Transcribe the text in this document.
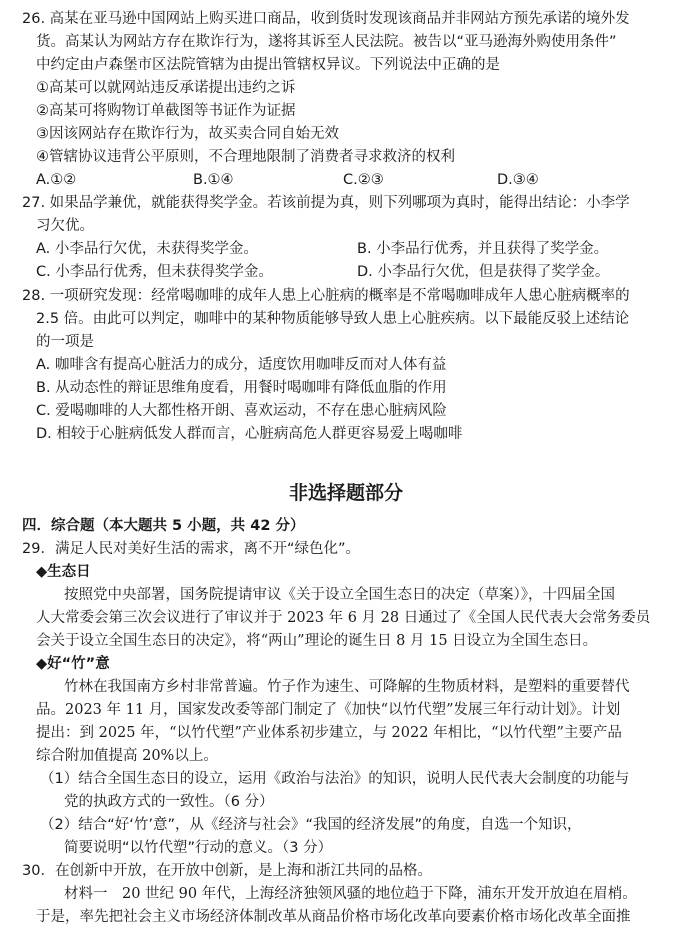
26. 高某在亚马逊中国网站上购买进口商品，收到货时发现该商品并非网站方预先承诺的境外发
货。高某认为网站方存在欺诈行为，遂将其诉至人民法院。被告以“亚马逊海外购使用条件”
中约定由卢森堡市区法院管辖为由提出管辖权异议。下列说法中正确的是
①高某可以就网站违反承诺提出违约之诉
②高某可将购物订单截图等书证作为证据
③因该网站存在欺诈行为，故买卖合同自始无效
④管辖协议违背公平原则，不合理地限制了消费者寻求救济的权利
A.①②	B.①④	C.②③	D.③④
27. 如果品学兼优，就能获得奖学金。若该前提为真，则下列哪项为真时，能得出结论：小李学
习欠优。
A. 小李品行欠优，未获得奖学金。	B. 小李品行优秀，并且获得了奖学金。
C. 小李品行优秀，但未获得奖学金。	D. 小李品行欠优，但是获得了奖学金。
28. 一项研究发现：经常喝咖啡的成年人患上心脏病的概率是不常喝咖啡成年人患心脏病概率的
2.5 倍。由此可以判定，咖啡中的某种物质能够导致人患上心脏疾病。以下最能反驳上述结论
的一项是
A. 咖啡含有提高心脏活力的成分，适度饮用咖啡反而对人体有益
B. 从动态性的辩证思维角度看，用餐时喝咖啡有降低血脂的作用
C. 爱喝咖啡的人大都性格开朗、喜欢运动，不存在患心脏病风险
D. 相较于心脏病低发人群而言，心脏病高危人群更容易爱上喝咖啡
非选择题部分
四．综合题（本大题共 5 小题，共 42 分）
29．满足人民对美好生活的需求，离不开“绿色化”。
◆生态日
按照党中央部署，国务院提请审议《关于设立全国生态日的决定（草案）》，十四届全国
人大常委会第三次会议进行了审议并于 2023 年 6 月 28 日通过了《全国人民代表大会常务委员
会关于设立全国生态日的决定》，将“两山”理论的诞生日 8 月 15 日设立为全国生态日。
◆好“竹”意
竹林在我国南方乡村非常普遍。竹子作为速生、可降解的生物质材料，是塑料的重要替代
品。2023 年 11 月，国家发改委等部门制定了《加快“以竹代塑”发展三年行动计划》。计划
提出：到 2025 年，“以竹代塑”产业体系初步建立，与 2022 年相比，“以竹代塑”主要产品
综合附加值提高 20%以上。
（1）结合全国生态日的设立，运用《政治与法治》的知识，说明人民代表大会制度的功能与
党的执政方式的一致性。（6 分）
（2）结合“好‘竹’意”，从《经济与社会》“我国的经济发展”的角度，自选一个知识，
简要说明“以竹代塑”行动的意义。（3 分）
30．在创新中开放，在开放中创新，是上海和浙江共同的品格。
材料一　20 世纪 90 年代，上海经济独领风骚的地位趋于下降，浦东开发开放迫在眉梢。
于是，率先把社会主义市场经济体制改革从商品价格市场化改革向要素价格市场化改革全面推
